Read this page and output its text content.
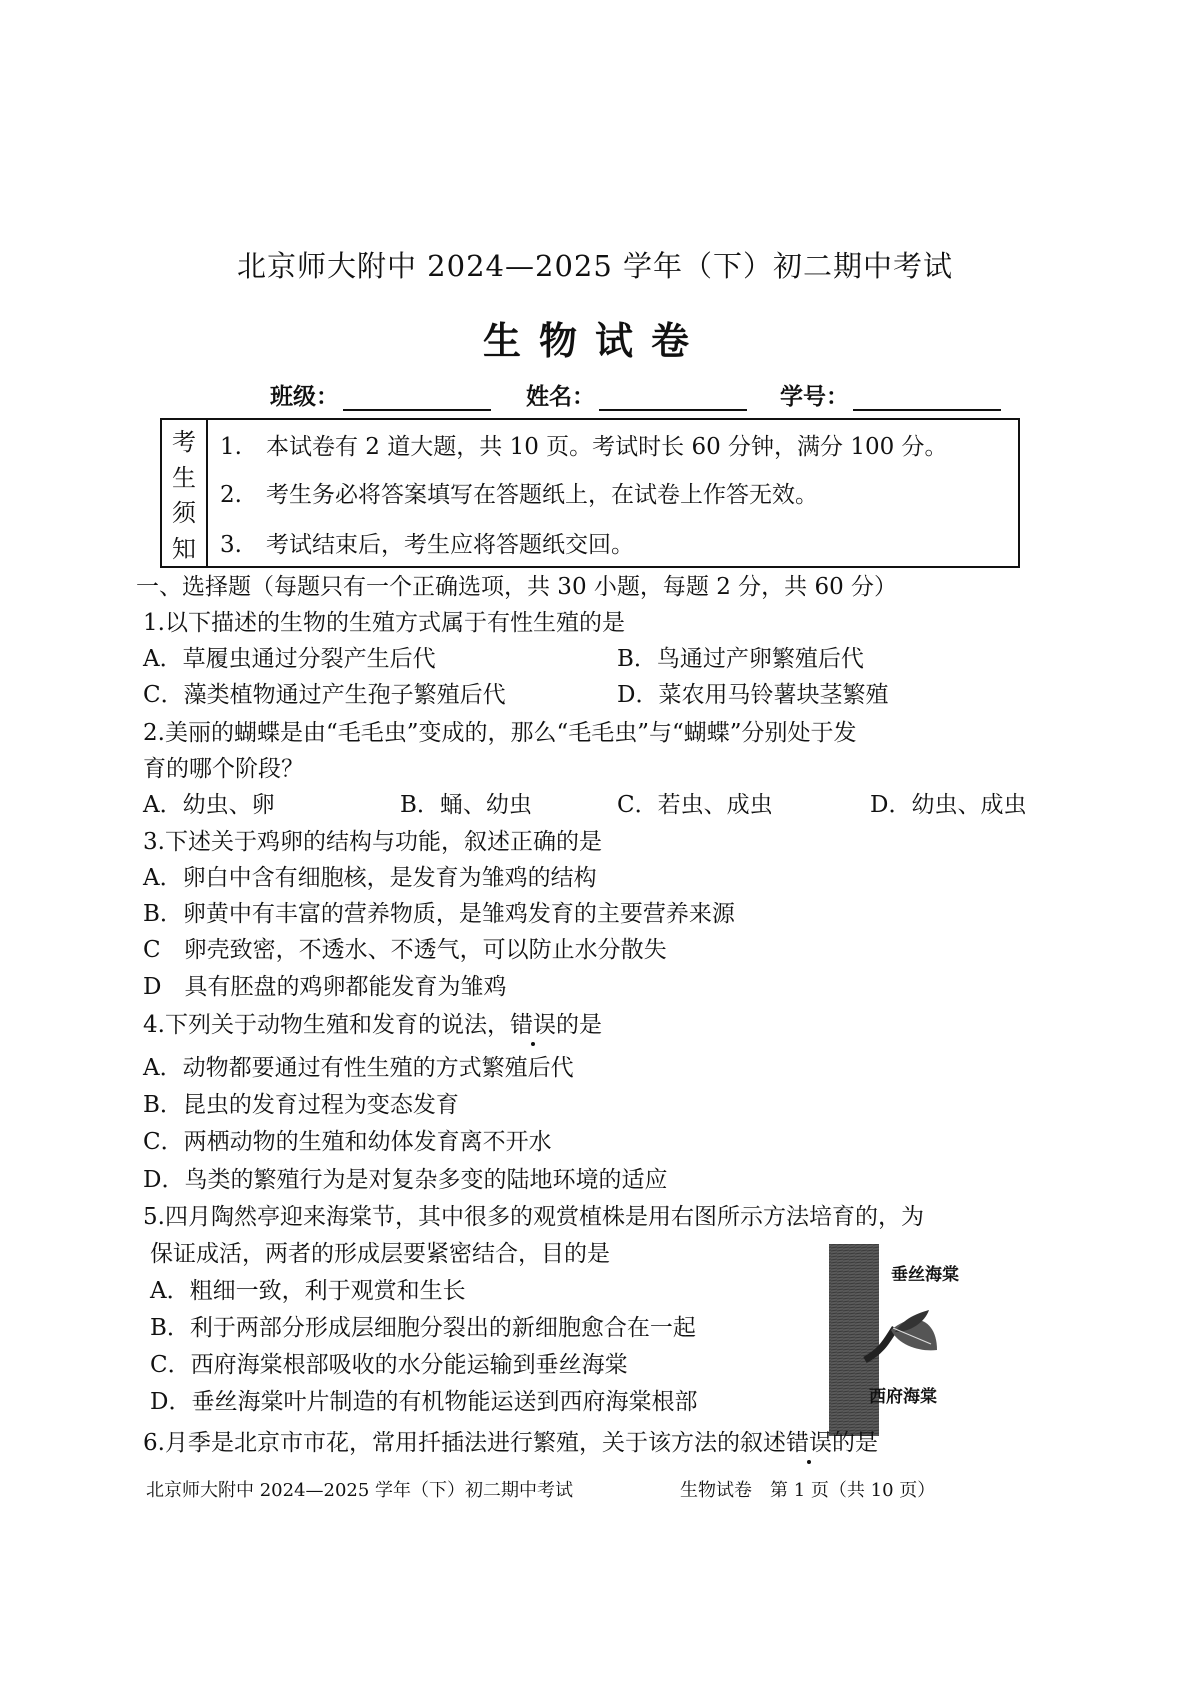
北京师大附中 2024—2025 学年（下）初二期中考试
生物试卷
班级：	姓名：	学号：
考
生
须
知
1. 本试卷有 2 道大题，共 10 页。考试时长 60 分钟，满分 100 分。
2. 考生务必将答案填写在答题纸上，在试卷上作答无效。
3. 考试结束后，考生应将答题纸交回。
一、选择题（每题只有一个正确选项，共 30 小题，每题 2 分，共 60 分）
1.以下描述的生物的生殖方式属于有性生殖的是
A．草履虫通过分裂产生后代	B．鸟通过产卵繁殖后代
C．藻类植物通过产生孢子繁殖后代	D．菜农用马铃薯块茎繁殖
2.美丽的蝴蝶是由“毛毛虫”变成的，那么“毛毛虫”与“蝴蝶”分别处于发
育的哪个阶段？
A．幼虫、卵	B．蛹、幼虫	C．若虫、成虫	D．幼虫、成虫
3.下述关于鸡卵的结构与功能，叙述正确的是
A．卵白中含有细胞核，是发育为雏鸡的结构
B．卵黄中有丰富的营养物质，是雏鸡发育的主要营养来源
C　卵壳致密，不透水、不透气，可以防止水分散失
D　具有胚盘的鸡卵都能发育为雏鸡
4.下列关于动物生殖和发育的说法，错误的是
A．动物都要通过有性生殖的方式繁殖后代
B．昆虫的发育过程为变态发育
C．两栖动物的生殖和幼体发育离不开水
D．鸟类的繁殖行为是对复杂多变的陆地环境的适应
5.四月陶然亭迎来海棠节，其中很多的观赏植株是用右图所示方法培育的，为
保证成活，两者的形成层要紧密结合，目的是
A．粗细一致，利于观赏和生长
B．利于两部分形成层细胞分裂出的新细胞愈合在一起
C．西府海棠根部吸收的水分能运输到垂丝海棠
D．垂丝海棠叶片制造的有机物能运送到西府海棠根部
垂丝海棠
西府海棠
6.月季是北京市市花，常用扦插法进行繁殖，关于该方法的叙述错误的是
北京师大附中 2024—2025 学年（下）初二期中考试	生物试卷　第 1 页（共 10 页）
